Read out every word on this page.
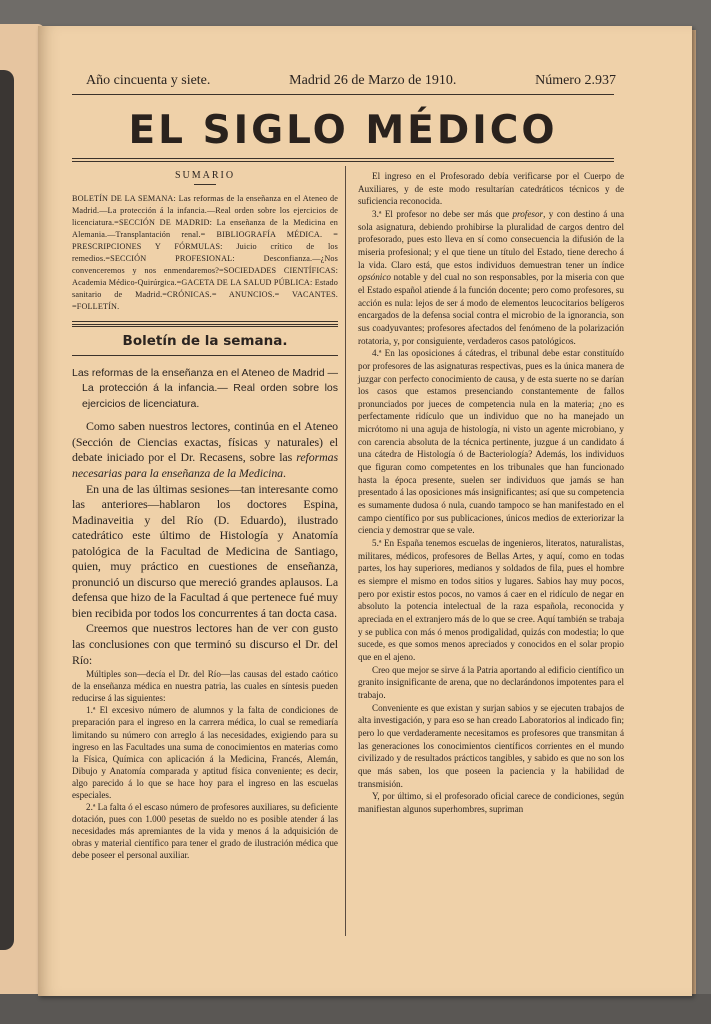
Año cincuenta y siete.	Madrid 26 de Marzo de 1910.	Número 2.937
EL SIGLO MÉDICO
SUMARIO

BOLETÍN DE LA SEMANA: Las reformas de la enseñanza en el Ateneo de Madrid.—La protección á la infancia.—Real orden sobre los ejercicios de licenciatura.=SECCIÓN DE MADRID: La enseñanza de la Medicina en Alemania.—Transplantación renal.= BIBLIOGRAFÍA MÉDICA. = PRESCRIPCIONES Y FÓRMULAS: Juicio crítico de los remedios.=SECCIÓN PROFESIONAL: Desconfianza.—¿Nos convenceremos y nos enmendaremos?=SOCIEDADES CIENTÍFICAS: Academia Médico-Quirúrgica.=GACETA DE LA SALUD PÚBLICA: Estado sanitario de Madrid.=CRÓNICAS.= ANUNCIOS.= VACANTES. =FOLLETÍN.

Boletín de la semana.

Las reformas de la enseñanza en el Ateneo de Madrid — La protección á la infancia.— Real orden sobre los ejercicios de licenciatura.

Como saben nuestros lectores, continúa en el Ateneo (Sección de Ciencias exactas, físicas y naturales) el debate iniciado por el Dr. Recasens, sobre las reformas necesarias para la enseñanza de la Medicina.

En una de las últimas sesiones—tan interesante como las anteriores—hablaron los doctores Espina, Madinaveitia y del Río (D. Eduardo), ilustrado catedrático este último de Histología y Anatomía patológica de la Facultad de Medicina de Santiago, quien, muy práctico en cuestiones de enseñanza, pronunció un discurso que mereció grandes aplausos. La defensa que hizo de la Facultad á que pertenece fué muy bien recibida por todos los concurrentes á tan docta casa.

Creemos que nuestros lectores han de ver con gusto las conclusiones con que terminó su discurso el Dr. del Río:

Múltiples son—decía el Dr. del Río—las causas del estado caótico de la enseñanza médica en nuestra patria, las cuales en síntesis pueden reducirse á las siguientes:

1.ª El excesivo número de alumnos y la falta de condiciones de preparación para el ingreso en la carrera médica, lo cual se remediaría limitando su número con arreglo á las necesidades, exigiendo para su ingreso en las Facultades una suma de conocimientos en materias como la Física, Química con aplicación á la Medicina, Francés, Alemán, Dibujo y Anatomía comparada y aptitud física conveniente; es decir, algo parecido á lo que se hace hoy para el ingreso en las escuelas especiales.

2.ª La falta ó el escaso número de profesores auxiliares, su deficiente dotación, pues con 1.000 pesetas de sueldo no es posible atender á las necesidades más apremiantes de la vida y menos á la adquisición de obras y material científico para tener el grado de ilustración médica que debe poseer el personal auxiliar.

El ingreso en el Profesorado debía verificarse por el Cuerpo de Auxiliares, y de este modo resultarían catedráticos técnicos y de suficiencia reconocida.

3.ª El profesor no debe ser más que profesor, y con destino á una sola asignatura, debiendo prohibirse la pluralidad de cargos dentro del profesorado, pues esto lleva en sí como consecuencia la difusión de la miseria profesional; y el que tiene un título del Estado, tiene derecho á la vida. Claro está, que estos individuos demuestran tener un índice opsónico notable y del cual no son responsables, por la miseria con que el Estado español atiende á la función docente; pero como profesores, su acción es nula: lejos de ser á modo de elementos leucocitarios belígeros encargados de la defensa social contra el microbio de la ignorancia, son sus coadyuvantes; profesores afectados del fenómeno de la polarización rotatoria, y, por consiguiente, verdaderos casos patológicos.

4.ª En las oposiciones á cátedras, el tribunal debe estar constituído por profesores de las asignaturas respectivas, pues es la única manera de juzgar con perfecto conocimiento de causa, y de esta suerte no se darían los casos que estamos presenciando constantemente de fallos pronunciados por jueces de competencia nula en la materia; ¿no es perfectamente ridículo que un individuo que no ha manejado un micrótomo ni una aguja de histología, ni visto un agente microbiano, y con carencia absoluta de la técnica pertinente, juzgue á un candidato á una cátedra de Histología ó de Bacteriología? Además, los individuos que figuran como competentes en los tribunales que han funcionado hasta la época presente, suelen ser individuos que jamás se han presentado á las oposiciones más insignificantes; así que su competencia es sumamente dudosa ó nula, cuando tampoco se han manifestado en el campo científico por sus publicaciones, únicos medios de exteriorizar la ciencia y demostrar que se vale.

5.ª En España tenemos escuelas de ingenieros, literatos, naturalistas, militares, médicos, profesores de Bellas Artes, y aquí, como en todas partes, los hay superiores, medianos y soldados de fila, pues el hombre es siempre el mismo en todos sitios y lugares. Sabios hay muy pocos, pero por existir estos pocos, no vamos á caer en el ridículo de negar en absoluto la potencia intelectual de la raza española, reconocida y apreciada en el extranjero más de lo que se cree. Aquí también se trabaja y se publica con más ó menos prodigalidad, quizás con modestia; lo que sucede, es que somos menos apreciados y conocidos en el solar propio que en el ajeno.

Creo que mejor se sirve á la Patria aportando al edificio científico un granito insignificante de arena, que no declarándonos impotentes para el trabajo.

Conveniente es que existan y surjan sabios y se ejecuten trabajos de alta investigación, y para eso se han creado Laboratorios al indicado fin; pero lo que verdaderamente necesitamos es profesores que transmitan á las generaciones los conocimientos científicos corrientes en el mundo civilizado y de resultados prácticos tangibles, y sabido es que no son los que más saben, los que poseen la paciencia y la habilidad de transmisión.

Y, por último, si el profesorado oficial carece de condiciones, según manifiestan algunos superhombres, supriman
